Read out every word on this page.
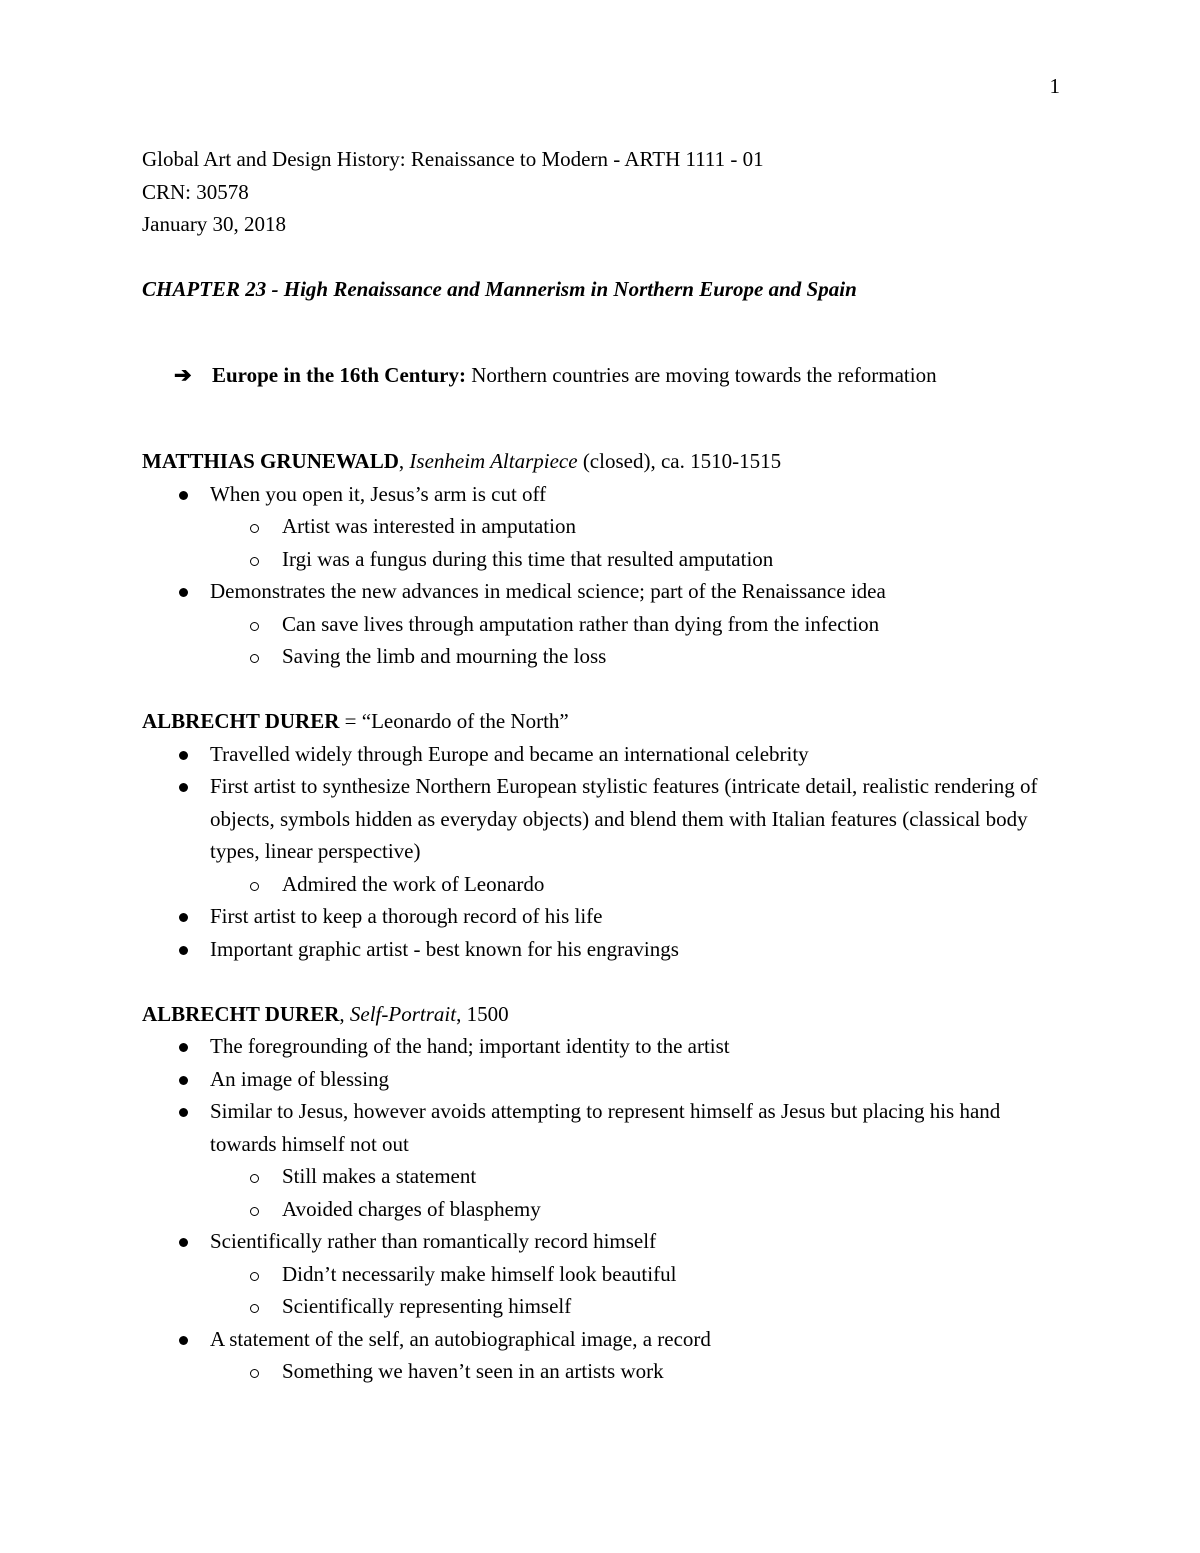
1

Global Art and Design History: Renaissance to Modern - ARTH 1111 - 01

CRN: 30578

January 30, 2018

CHAPTER 23 - High Renaissance and Mannerism in Northern Europe and Spain

➔ Europe in the 16th Century: Northern countries are moving towards the reformation

MATTHIAS GRUNEWALD, Isenheim Altarpiece (closed), ca. 1510-1515

When you open it, Jesus’s arm is cut off
Artist was interested in amputation
Irgi was a fungus during this time that resulted amputation
Demonstrates the new advances in medical science; part of the Renaissance idea
Can save lives through amputation rather than dying from the infection
Saving the limb and mourning the loss

ALBRECHT DURER = “Leonardo of the North”

Travelled widely through Europe and became an international celebrity
First artist to synthesize Northern European stylistic features (intricate detail, realistic rendering of objects, symbols hidden as everyday objects) and blend them with Italian features (classical body types, linear perspective)
Admired the work of Leonardo
First artist to keep a thorough record of his life
Important graphic artist - best known for his engravings

ALBRECHT DURER, Self-Portrait, 1500

The foregrounding of the hand; important identity to the artist
An image of blessing
Similar to Jesus, however avoids attempting to represent himself as Jesus but placing his hand towards himself not out
Still makes a statement
Avoided charges of blasphemy
Scientifically rather than romantically record himself
Didn’t necessarily make himself look beautiful
Scientifically representing himself
A statement of the self, an autobiographical image, a record
Something we haven’t seen in an artists work
